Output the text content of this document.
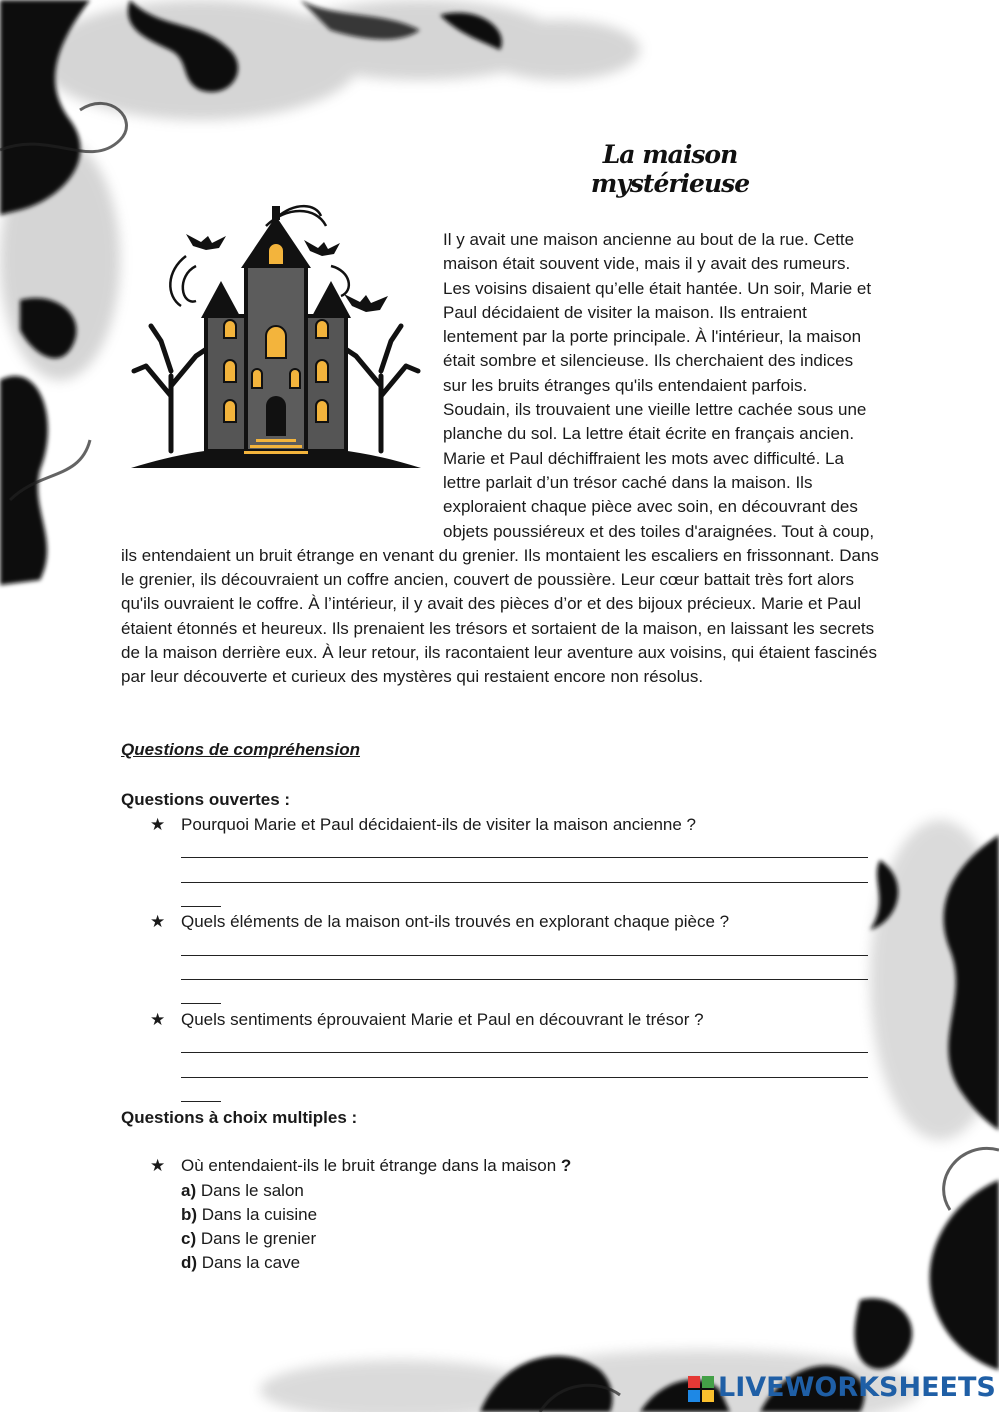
La maison mystérieuse

Il y avait une maison ancienne au bout de la rue. Cette maison était souvent vide, mais il y avait des rumeurs. Les voisins disaient qu’elle était hantée. Un soir, Marie et Paul décidaient de visiter la maison. Ils entraient lentement par la porte principale. À l'intérieur, la maison était sombre et silencieuse. Ils cherchaient des indices sur les bruits étranges qu'ils entendaient parfois.

Soudain, ils trouvaient une vieille lettre cachée sous une planche du sol. La lettre était écrite en français ancien. Marie et Paul déchiffraient les mots avec difficulté. La lettre parlait d’un trésor caché dans la maison. Ils exploraient chaque pièce avec soin, en découvrant des objets poussiéreux et des toiles d'araignées. Tout à coup, ils entendaient un bruit étrange en venant du grenier. Ils montaient les escaliers en frissonnant. Dans le grenier, ils découvraient un coffre ancien, couvert de poussière. Leur cœur battait très fort alors qu'ils ouvraient le coffre. À l’intérieur, il y avait des pièces d’or et des bijoux précieux. Marie et Paul étaient étonnés et heureux. Ils prenaient les trésors et sortaient de la maison, en laissant les secrets de la maison derrière eux. À leur retour, ils racontaient leur aventure aux voisins, qui étaient fascinés par leur découverte et curieux des mystères qui restaient encore non résolus.

Questions de compréhension
Questions ouvertes :
★ Pourquoi Marie et Paul décidaient-ils de visiter la maison ancienne ?
★ Quels éléments de la maison ont-ils trouvés en explorant chaque pièce ?
★ Quels sentiments éprouvaient Marie et Paul en découvrant le trésor ?
Questions à choix multiples :
★ Où entendaient-ils le bruit étrange dans la maison ?
a) Dans le salon
b) Dans la cuisine
c) Dans le grenier
d) Dans la cave
LIVEWORKSHEETS
